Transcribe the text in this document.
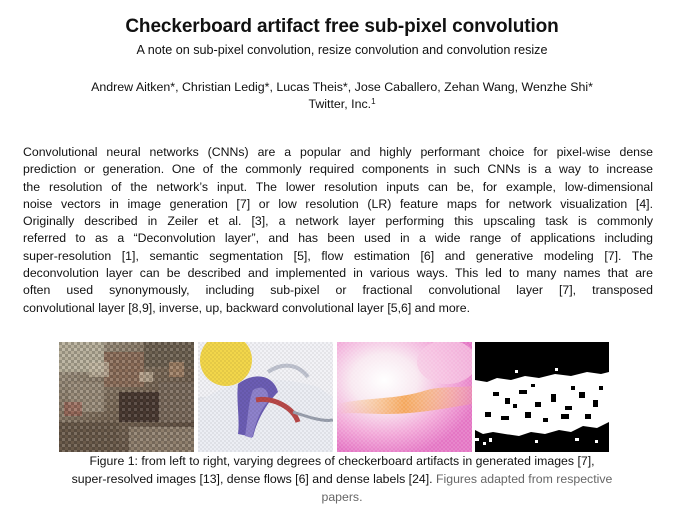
Checkerboard artifact free sub-pixel convolution
A note on sub-pixel convolution, resize convolution and convolution resize
Andrew Aitken*, Christian Ledig*, Lucas Theis*, Jose Caballero, Zehan Wang, Wenzhe Shi*
Twitter, Inc.$^1$
Convolutional neural networks (CNNs) are a popular and highly performant choice for pixel-wise dense
prediction or generation. One of the commonly required components in such CNNs is a way to increase
the resolution of the network’s input. The lower resolution inputs can be, for example, low-dimensional
noise vectors in image generation [7] or low resolution (LR) feature maps for network visualization [4].
Originally described in Zeiler et al. [3], a network layer performing this upscaling task is commonly
referred to as a “Deconvolution layer”, and has been used in a wide range of applications including
super-resolution [1], semantic segmentation [5], flow estimation [6] and generative modeling [7]. The
deconvolution layer can be described and implemented in various ways. This led to many names that are
often used synonymously, including sub-pixel or fractional convolutional layer [7], transposed
convolutional layer [8,9], inverse, up, backward convolutional layer [5,6] and more.
Figure 1: from left to right, varying degrees of checkerboard artifacts in generated images [7],
super-resolved images [13], dense flows [6] and dense labels [24]. Figures adapted from respective
papers.
